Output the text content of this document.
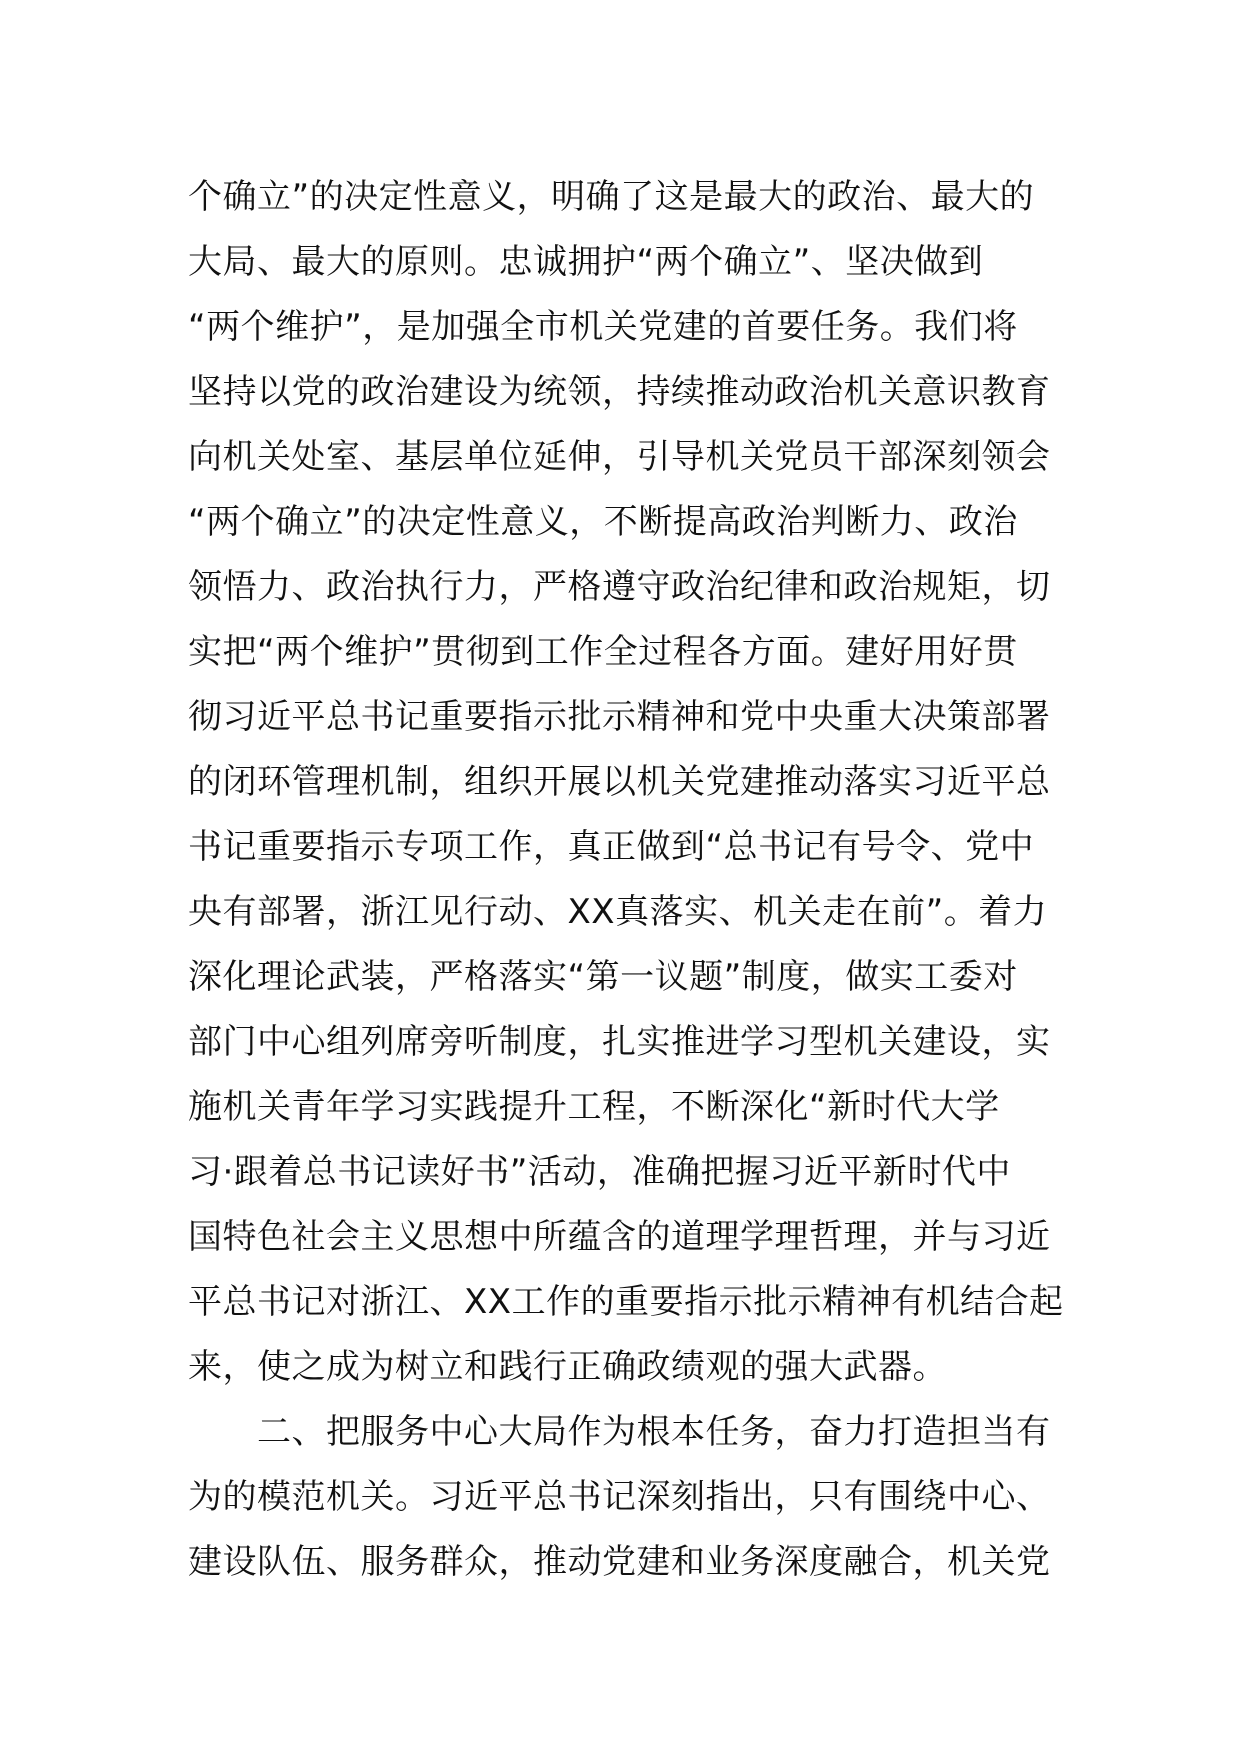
个确立”的决定性意义，明确了这是最大的政治、最大的
大局、最大的原则。忠诚拥护“两个确立”、坚决做到
“两个维护”，是加强全市机关党建的首要任务。我们将
坚持以党的政治建设为统领，持续推动政治机关意识教育
向机关处室、基层单位延伸，引导机关党员干部深刻领会
“两个确立”的决定性意义，不断提高政治判断力、政治
领悟力、政治执行力，严格遵守政治纪律和政治规矩，切
实把“两个维护”贯彻到工作全过程各方面。建好用好贯
彻习近平总书记重要指示批示精神和党中央重大决策部署
的闭环管理机制，组织开展以机关党建推动落实习近平总
书记重要指示专项工作，真正做到“总书记有号令、党中
央有部署，浙江见行动、XX真落实、机关走在前”。着力
深化理论武装，严格落实“第一议题”制度，做实工委对
部门中心组列席旁听制度，扎实推进学习型机关建设，实
施机关青年学习实践提升工程，不断深化“新时代大学
习·跟着总书记读好书”活动，准确把握习近平新时代中
国特色社会主义思想中所蕴含的道理学理哲理，并与习近
平总书记对浙江、XX工作的重要指示批示精神有机结合起
来，使之成为树立和践行正确政绩观的强大武器。
　　二、把服务中心大局作为根本任务，奋力打造担当有
为的模范机关。习近平总书记深刻指出，只有围绕中心、
建设队伍、服务群众，推动党建和业务深度融合，机关党
